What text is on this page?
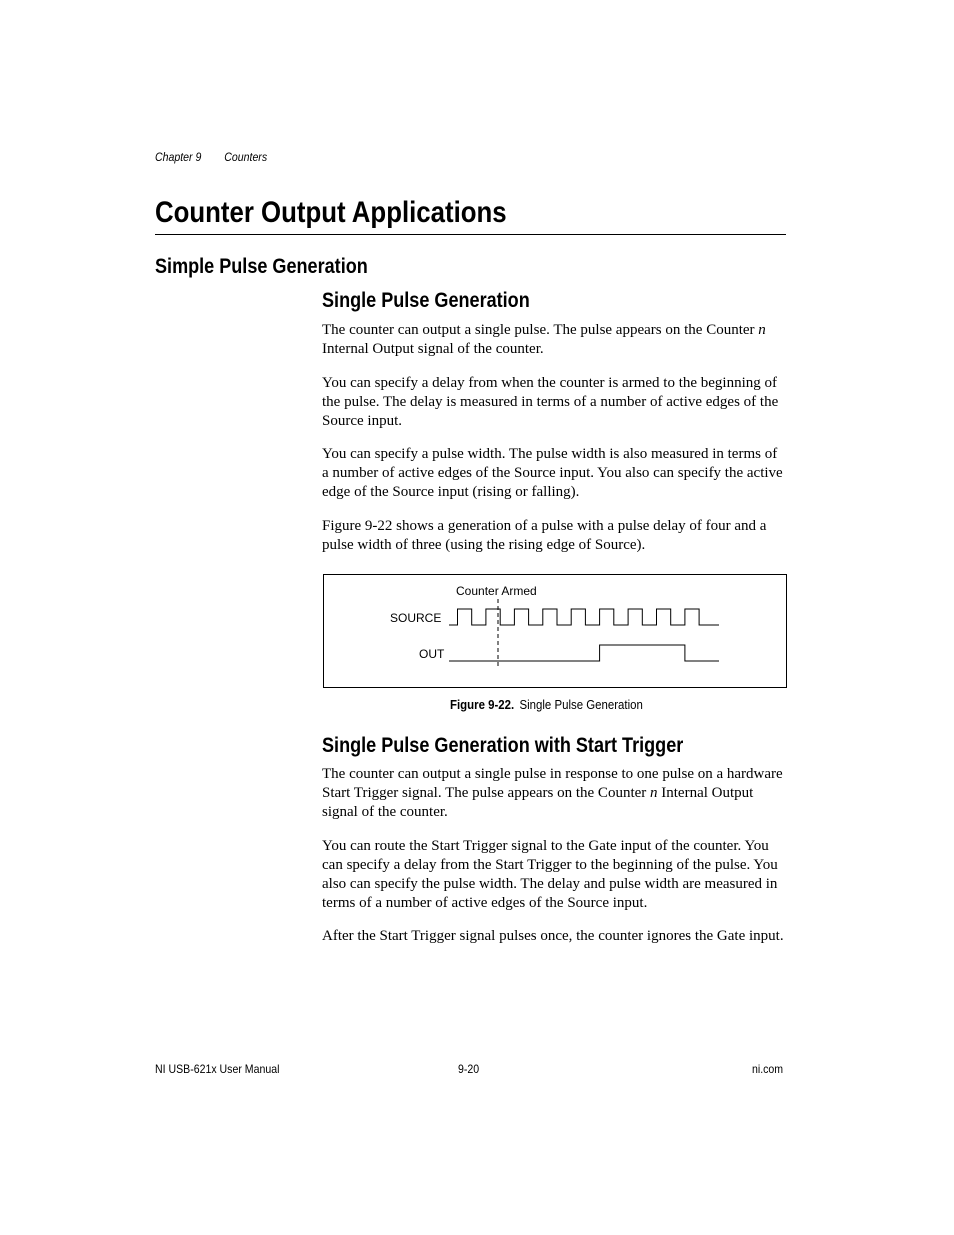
Chapter 9 Counters
Counter Output Applications
Simple Pulse Generation
Single Pulse Generation

The counter can output a single pulse. The pulse appears on the Counter n Internal Output signal of the counter.

You can specify a delay from when the counter is armed to the beginning of the pulse. The delay is measured in terms of a number of active edges of the Source input.

You can specify a pulse width. The pulse width is also measured in terms of a number of active edges of the Source input. You also can specify the active edge of the Source input (rising or falling).

Figure 9-22 shows a generation of a pulse with a pulse delay of four and a pulse width of three (using the rising edge of Source).

Counter Armed
SOURCE
OUT
Figure 9-22. Single Pulse Generation
Single Pulse Generation with Start Trigger

The counter can output a single pulse in response to one pulse on a hardware Start Trigger signal. The pulse appears on the Counter n Internal Output signal of the counter.

You can route the Start Trigger signal to the Gate input of the counter. You can specify a delay from the Start Trigger to the beginning of the pulse. You also can specify the pulse width. The delay and pulse width are measured in terms of a number of active edges of the Source input.

After the Start Trigger signal pulses once, the counter ignores the Gate input.

NI USB-621x User Manual	9-20	ni.com
